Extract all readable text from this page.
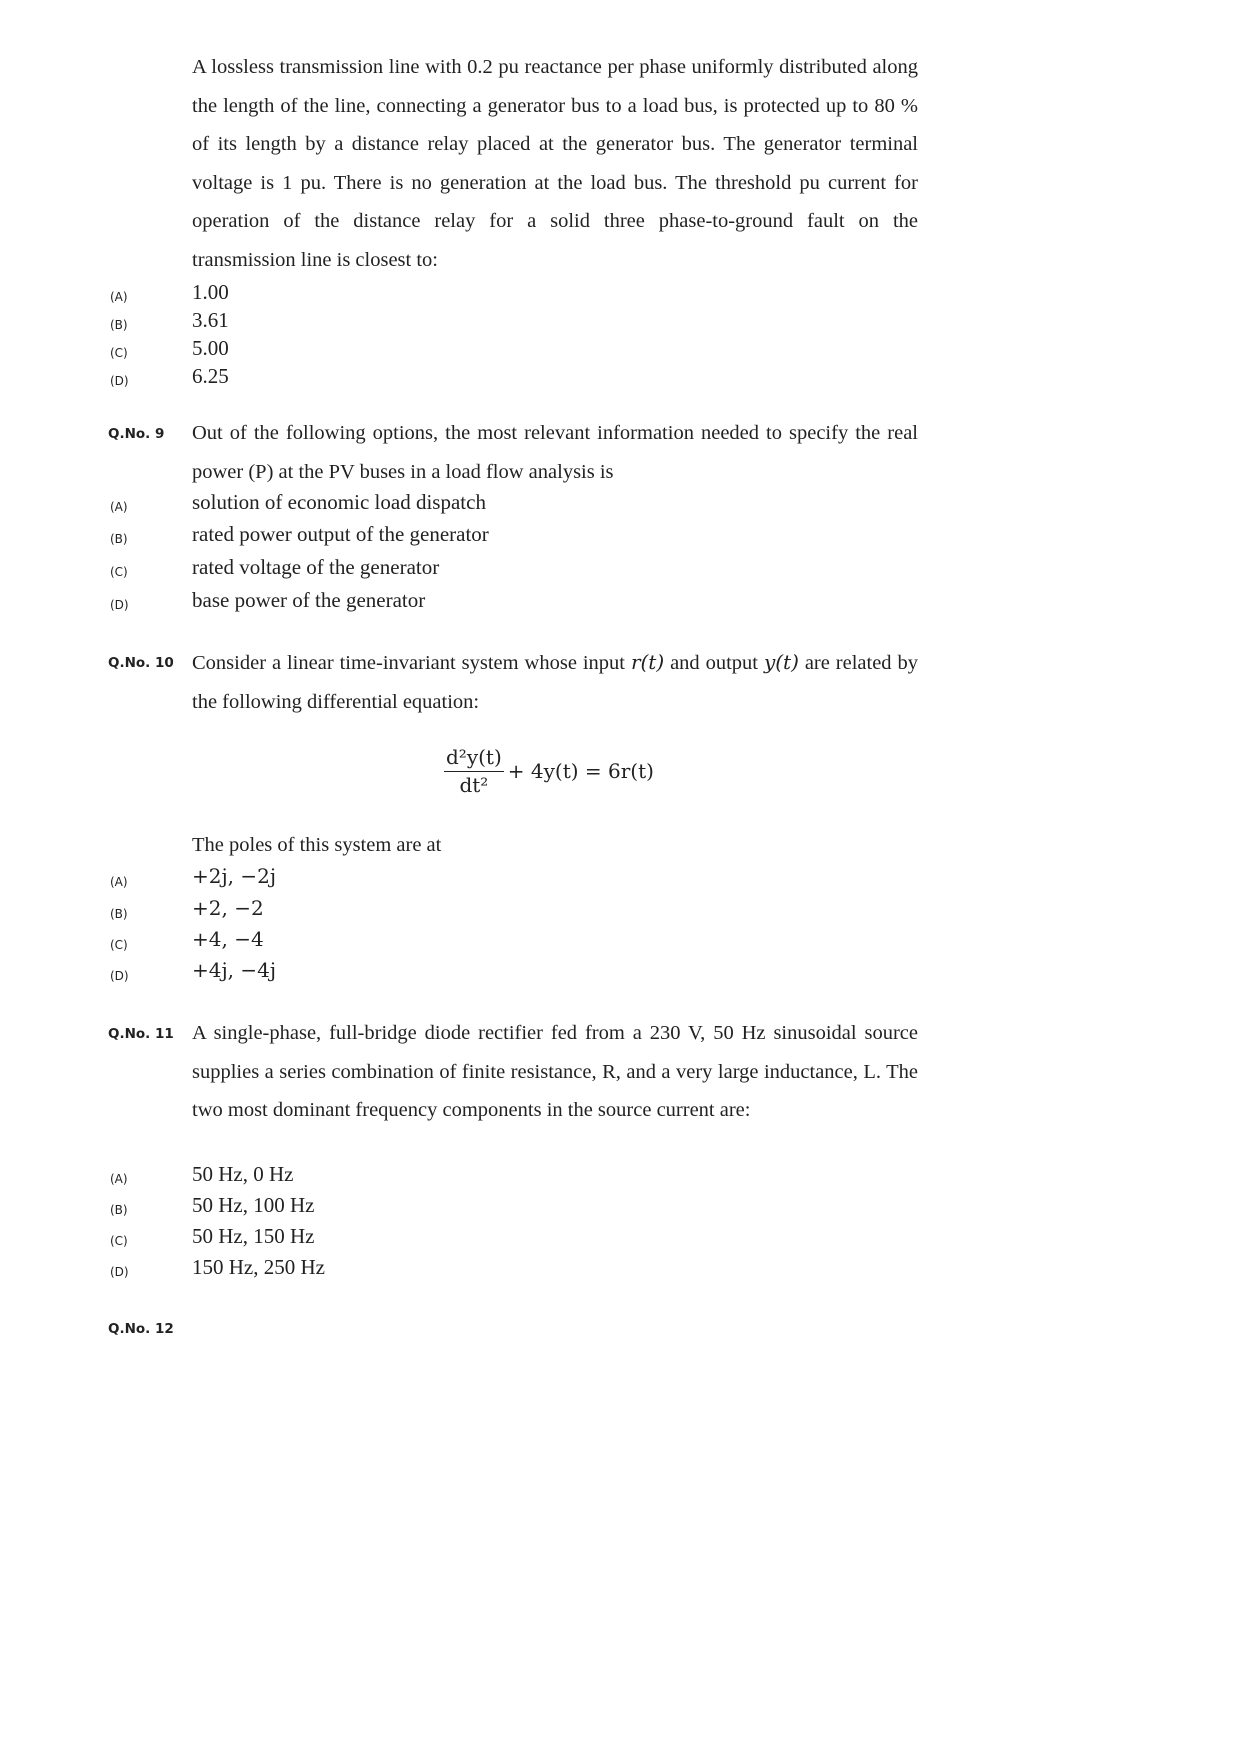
A lossless transmission line with 0.2 pu reactance per phase uniformly distributed along the length of the line, connecting a generator bus to a load bus, is protected up to 80 % of its length by a distance relay placed at the generator bus. The generator terminal voltage is 1 pu. There is no generation at the load bus. The threshold pu current for operation of the distance relay for a solid three phase-to-ground fault on the transmission line is closest to:
(A)	1.00
(B)	3.61
(C)	5.00
(D)	6.25
Q.No. 9 Out of the following options, the most relevant information needed to specify the real power (P) at the PV buses in a load flow analysis is
(A)	solution of economic load dispatch
(B)	rated power output of the generator
(C)	rated voltage of the generator
(D)	base power of the generator
Q.No. 10 Consider a linear time-invariant system whose input r(t) and output y(t) are related by the following differential equation:
$\frac{\text{d²y(t)}}{\text{dt²}} + 4y(t) = 6r(t)$
The poles of this system are at
(A)	+2j, −2j
(B)	+2, −2
(C)	+4, −4
(D)	+4j, −4j
Q.No. 11 A single-phase, full-bridge diode rectifier fed from a 230 V, 50 Hz sinusoidal source supplies a series combination of finite resistance, R, and a very large inductance, L. The two most dominant frequency components in the source current are:
(A)	50 Hz, 0 Hz
(B)	50 Hz, 100 Hz
(C)	50 Hz, 150 Hz
(D)	150 Hz, 250 Hz
Q.No. 12
